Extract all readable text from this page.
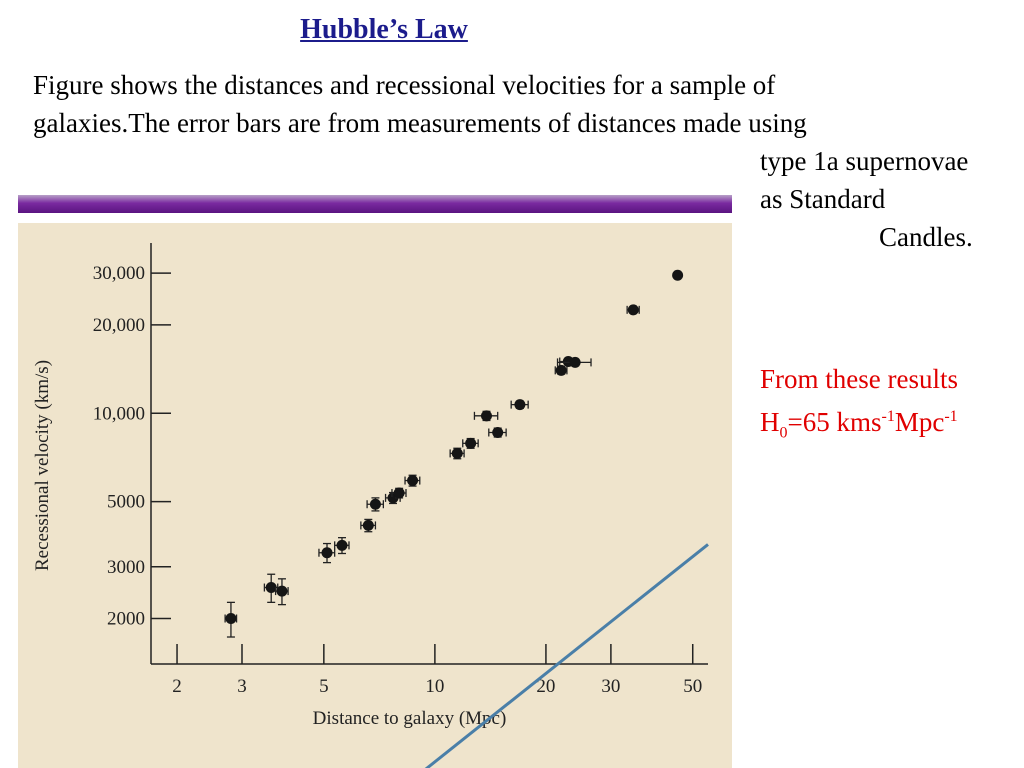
Hubble’s Law
Figure shows the distances and recessional velocities for a sample of
galaxies.The error bars are from measurements of distances made using
type 1a supernovae
as Standard
Candles.
From these results
$H_0=65$ kms$^{-1}$Mpc$^{-1}$
2000
3000
5000
10,000
20,000
30,000
2	3	5	10	20 30	50
Distance to galaxy (Mpc)
Recessional velocity (km/s)
